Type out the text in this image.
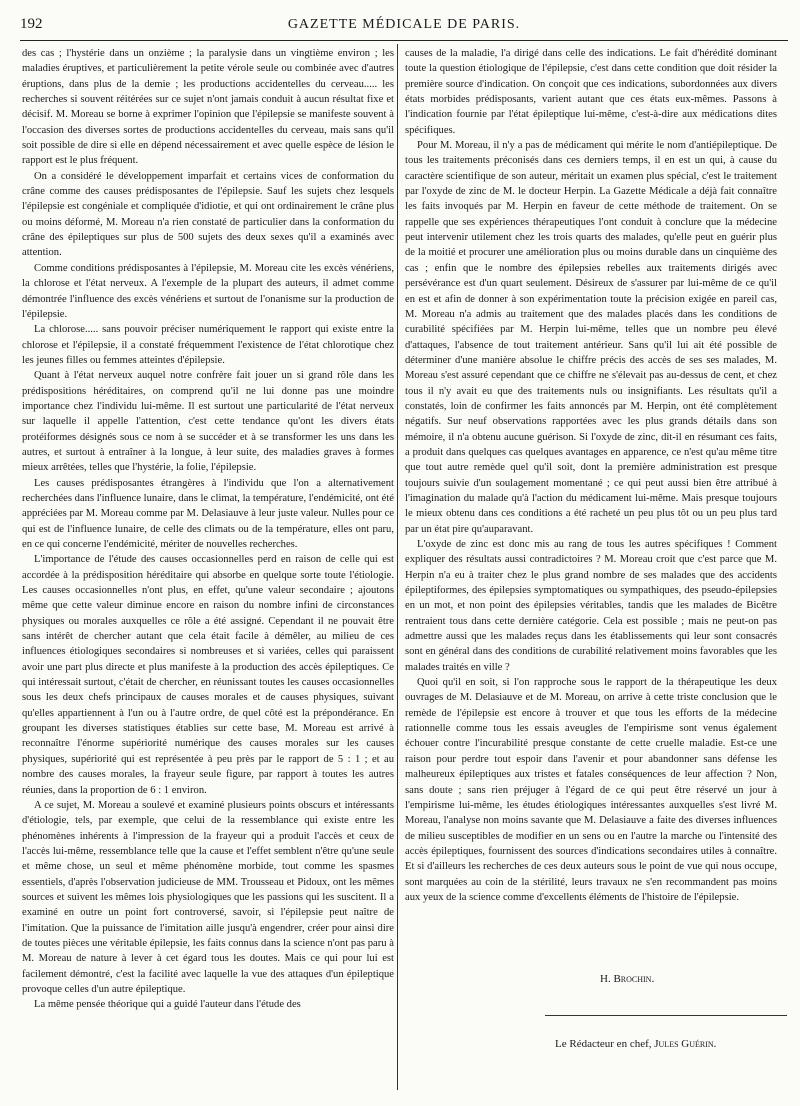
192	GAZETTE MÉDICALE DE PARIS.

des cas ; l'hystérie dans un onzième ; la paralysie dans un vingtième environ ; les maladies éruptives, et particulièrement la petite vérole seule ou combinée avec d'autres éruptions, dans plus de la demie ; les productions accidentelles du cerveau..... les recherches si souvent réitérées sur ce sujet n'ont jamais conduit à aucun résultat fixe et décisif. M. Moreau se borne à exprimer l'opinion que l'épilepsie se manifeste souvent à l'occasion des diverses sortes de productions accidentelles du cerveau, mais sans qu'il soit possible de dire si elle en dépend nécessairement et avec quelle espèce de lésion le rapport est le plus fréquent.

On a considéré le développement imparfait et certains vices de conformation du crâne comme des causes prédisposantes de l'épilepsie. Sauf les sujets chez lesquels l'épilepsie est congéniale et compliquée d'idiotie, et qui ont ordinairement le crâne plus ou moins déformé, M. Moreau n'a rien constaté de particulier dans la conformation du crâne des épileptiques sur plus de 500 sujets des deux sexes qu'il a examinés avec attention.

Comme conditions prédisposantes à l'épilepsie, M. Moreau cite les excès vénériens, la chlorose et l'état nerveux. A l'exemple de la plupart des auteurs, il admet comme démontrée l'influence des excès vénériens et surtout de l'onanisme sur la production de l'épilepsie.

La chlorose..... sans pouvoir préciser numériquement le rapport qui existe entre la chlorose et l'épilepsie, il a constaté fréquemment l'existence de l'état chlorotique chez les jeunes filles ou femmes atteintes d'épilepsie.

Quant à l'état nerveux auquel notre confrère fait jouer un si grand rôle dans les prédispositions héréditaires, on comprend qu'il ne lui donne pas une moindre importance chez l'individu lui-même. Il est surtout une particularité de l'état nerveux sur laquelle il appelle l'attention, c'est cette tendance qu'ont les divers états protéiformes désignés sous ce nom à se succéder et à se transformer les uns dans les autres, et surtout à entraîner à la longue, à leur suite, des maladies graves à formes mieux arrêtées, telles que l'hystérie, la folie, l'épilepsie.

Les causes prédisposantes étrangères à l'individu que l'on a alternativement recherchées dans l'influence lunaire, dans le climat, la température, l'endémicité, ont été appréciées par M. Moreau comme par M. Delasiauve à leur juste valeur. Nulles pour ce qui est de l'influence lunaire, de celle des climats ou de la température, elles ont paru, en ce qui concerne l'endémicité, mériter de nouvelles recherches.

L'importance de l'étude des causes occasionnelles perd en raison de celle qui est accordée à la prédisposition héréditaire qui absorbe en quelque sorte toute l'étiologie. Les causes occasionnelles n'ont plus, en effet, qu'une valeur secondaire ; ajoutons même que cette valeur diminue encore en raison du nombre infini de circonstances physiques ou morales auxquelles ce rôle a été assigné. Cependant il ne pouvait être sans intérêt de chercher autant que cela était facile à démêler, au milieu de ces influences étiologiques secondaires si nombreuses et si variées, celles qui paraissent avoir une part plus directe et plus manifeste à la production des accès épileptiques. Ce qui intéressait surtout, c'était de chercher, en réunissant toutes les causes occasionnelles sous les deux chefs principaux de causes morales et de causes physiques, suivant qu'elles appartiennent à l'un ou à l'autre ordre, de quel côté est la prépondérance. En groupant les diverses statistiques établies sur cette base, M. Moreau est arrivé à reconnaître l'énorme supériorité numérique des causes morales sur les causes physiques, supériorité qui est représentée à peu près par le rapport de 5 : 1 ; et au nombre des causes morales, la frayeur seule figure, par rapport à toutes les autres réunies, dans la proportion de 6 : 1 environ.

A ce sujet, M. Moreau a soulevé et examiné plusieurs points obscurs et intéressants d'étiologie, tels, par exemple, que celui de la ressemblance qui existe entre les phénomènes inhérents à l'impression de la frayeur qui a produit l'accès et ceux de l'accès lui-même, ressemblance telle que la cause et l'effet semblent n'être qu'une seule et même chose, un seul et même phénomène morbide, tout comme les spasmes essentiels, d'après l'observation judicieuse de MM. Trousseau et Pidoux, ont les mêmes sources et suivent les mêmes lois physiologiques que les passions qui les suscitent. Il a examiné en outre un point fort controversé, savoir, si l'épilepsie peut naître de l'imitation. Que la puissance de l'imitation aille jusqu'à engendrer, créer pour ainsi dire de toutes pièces une véritable épilepsie, les faits connus dans la science n'ont pas paru à M. Moreau de nature à lever à cet égard tous les doutes. Mais ce qui pour lui est facilement démontré, c'est la facilité avec laquelle la vue des attaques d'un épileptique provoque celles d'un autre épileptique.

La même pensée théorique qui a guidé l'auteur dans l'étude des

causes de la maladie, l'a dirigé dans celle des indications. Le fait d'hérédité dominant toute la question étiologique de l'épilepsie, c'est dans cette condition que doit résider la première source d'indication. On conçoit que ces indications, subordonnées aux divers états morbides prédisposants, varient autant que ces états eux-mêmes. Passons à l'indication fournie par l'état épileptique lui-même, c'est-à-dire aux médications dites spécifiques.

Pour M. Moreau, il n'y a pas de médicament qui mérite le nom d'antiépileptique. De tous les traitements préconisés dans ces derniers temps, il en est un qui, à cause du caractère scientifique de son auteur, méritait un examen plus spécial, c'est le traitement par l'oxyde de zinc de M. le docteur Herpin. La Gazette Médicale a déjà fait connaître les faits invoqués par M. Herpin en faveur de cette méthode de traitement. On se rappelle que ses expériences thérapeutiques l'ont conduit à conclure que la médecine peut intervenir utilement chez les trois quarts des malades, qu'elle peut en guérir plus de la moitié et procurer une amélioration plus ou moins durable dans un cinquième des cas ; enfin que le nombre des épilepsies rebelles aux traitements dirigés avec persévérance est d'un quart seulement. Désireux de s'assurer par lui-même de ce qu'il en est et afin de donner à son expérimentation toute la précision exigée en pareil cas, M. Moreau n'a admis au traitement que des malades placés dans les conditions de curabilité spécifiées par M. Herpin lui-même, telles que un nombre peu élevé d'attaques, l'absence de tout traitement antérieur. Sans qu'il lui ait été possible de déterminer d'une manière absolue le chiffre précis des accès de ses ses malades, M. Moreau s'est assuré cependant que ce chiffre ne s'élevait pas au-dessus de cent, et chez tous il n'y avait eu que des traitements nuls ou insignifiants. Les résultats qu'il a constatés, loin de confirmer les faits annoncés par M. Herpin, ont été complètement négatifs. Sur neuf observations rapportées avec les plus grands détails dans son mémoire, il n'a obtenu aucune guérison. Si l'oxyde de zinc, dit-il en résumant ces faits, a produit dans quelques cas quelques avantages en apparence, ce n'est qu'au même titre que tout autre remède quel qu'il soit, dont la première administration est presque toujours suivie d'un soulagement momentané ; ce qui peut aussi bien être attribué à l'imagination du malade qu'à l'action du médicament lui-même. Mais presque toujours le mieux obtenu dans ces conditions a été racheté un peu plus tôt ou un peu plus tard par un état pire qu'auparavant.

L'oxyde de zinc est donc mis au rang de tous les autres spécifiques ! Comment expliquer des résultats aussi contradictoires ? M. Moreau croit que c'est parce que M. Herpin n'a eu à traiter chez le plus grand nombre de ses malades que des accidents épileptiformes, des épilepsies symptomatiques ou sympathiques, des pseudo-épilepsies en un mot, et non point des épilepsies véritables, tandis que les malades de Bicêtre rentraient tous dans cette dernière catégorie. Cela est possible ; mais ne peut-on pas admettre aussi que les malades reçus dans les établissements qui leur sont consacrés sont en général dans des conditions de curabilité relativement moins favorables que les malades traités en ville ?

Quoi qu'il en soit, si l'on rapproche sous le rapport de la thérapeutique les deux ouvrages de M. Delasiauve et de M. Moreau, on arrive à cette triste conclusion que le remède de l'épilepsie est encore à trouver et que tous les efforts de la médecine rationnelle comme tous les essais aveugles de l'empirisme sont venus également échouer contre l'incurabilité presque constante de cette cruelle maladie. Est-ce une raison pour perdre tout espoir dans l'avenir et pour abandonner sans défense les malheureux épileptiques aux tristes et fatales conséquences de leur affection ? Non, sans doute ; sans rien préjuger à l'égard de ce qui peut être réservé un jour à l'empirisme lui-même, les études étiologiques intéressantes auxquelles s'est livré M. Moreau, l'analyse non moins savante que M. Delasiauve a faite des diverses influences de milieu susceptibles de modifier en un sens ou en l'autre la marche ou l'intensité des accès épileptiques, fournissent des sources d'indications secondaires utiles à connaître. Et si d'ailleurs les recherches de ces deux auteurs sous le point de vue qui nous occupe, sont marquées au coin de la stérilité, leurs travaux ne s'en recommandent pas moins aux yeux de la science comme d'excellents éléments de l'histoire de l'épilepsie.

H. Brochin.
Le Rédacteur en chef, Jules Guérin.
